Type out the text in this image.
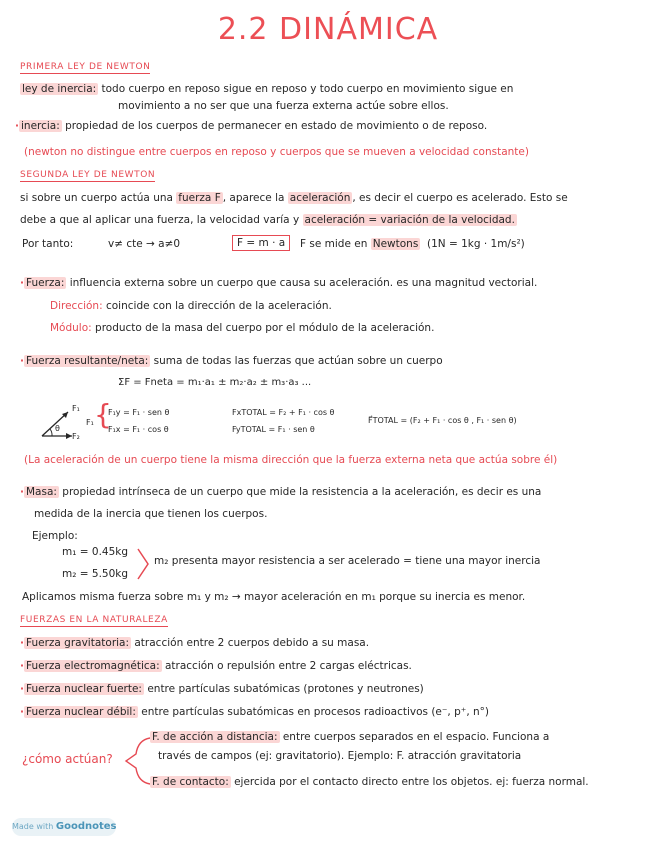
2.2 DINÁMICA
PRIMERA LEY DE NEWTON
ley de inercia: todo cuerpo en reposo sigue en reposo y todo cuerpo en movimiento sigue en
movimiento a no ser que una fuerza externa actúe sobre ellos.
· inercia: propiedad de los cuerpos de permanecer en estado de movimiento o de reposo.
(newton no distingue entre cuerpos en reposo y cuerpos que se mueven a velocidad constante)
SEGUNDA LEY DE NEWTON
si sobre un cuerpo actúa una fuerza F , aparece la aceleración , es decir el cuerpo es acelerado. Esto se
debe a que al aplicar una fuerza, la velocidad varía y aceleración = variación de la velocidad.
Por tanto:	v≠ cte → a≠0	F = m · a	F se mide en Newtons (1N = 1kg · 1m/s²)
· Fuerza: influencia externa sobre un cuerpo que causa su aceleración. es una magnitud vectorial.
Dirección: coincide con la dirección de la aceleración.
Módulo: producto de la masa del cuerpo por el módulo de la aceleración.
· Fuerza resultante/neta: suma de todas las fuerzas que actúan sobre un cuerpo
ΣF = Fneta = m₁·a₁ ± m₂·a₂ ± m₃·a₃ ...
F₁
F₂
θ
F₁ {
F₁y = F₁ · sen θ
F₁x = F₁ · cos θ
FxTOTAL = F₂ + F₁ · cos θ
FyTOTAL = F₁ · sen θ
F⃗TOTAL = (F₂ + F₁ · cos θ , F₁ · sen θ)
(La aceleración de un cuerpo tiene la misma dirección que la fuerza externa neta que actúa sobre él)
· Masa: propiedad intrínseca de un cuerpo que mide la resistencia a la aceleración, es decir es una
medida de la inercia que tienen los cuerpos.
Ejemplo:
m₁ = 0.45kg
m₂ = 5.50kg
m₂ presenta mayor resistencia a ser acelerado = tiene una mayor inercia
Aplicamos misma fuerza sobre m₁ y m₂ → mayor aceleración en m₁ porque su inercia es menor.
FUERZAS EN LA NATURALEZA
· Fuerza gravitatoria: atracción entre 2 cuerpos debido a su masa.
· Fuerza electromagnética: atracción o repulsión entre 2 cargas eléctricas.
· Fuerza nuclear fuerte: entre partículas subatómicas (protones y neutrones)
· Fuerza nuclear débil: entre partículas subatómicas en procesos radioactivos (e⁻, p⁺, n°)
¿cómo actúan?
F. de acción a distancia: entre cuerpos separados en el espacio. Funciona a
través de campos (ej: gravitatorio). Ejemplo: F. atracción gravitatoria
F. de contacto: ejercida por el contacto directo entre los objetos. ej: fuerza normal.
Made with Goodnotes
